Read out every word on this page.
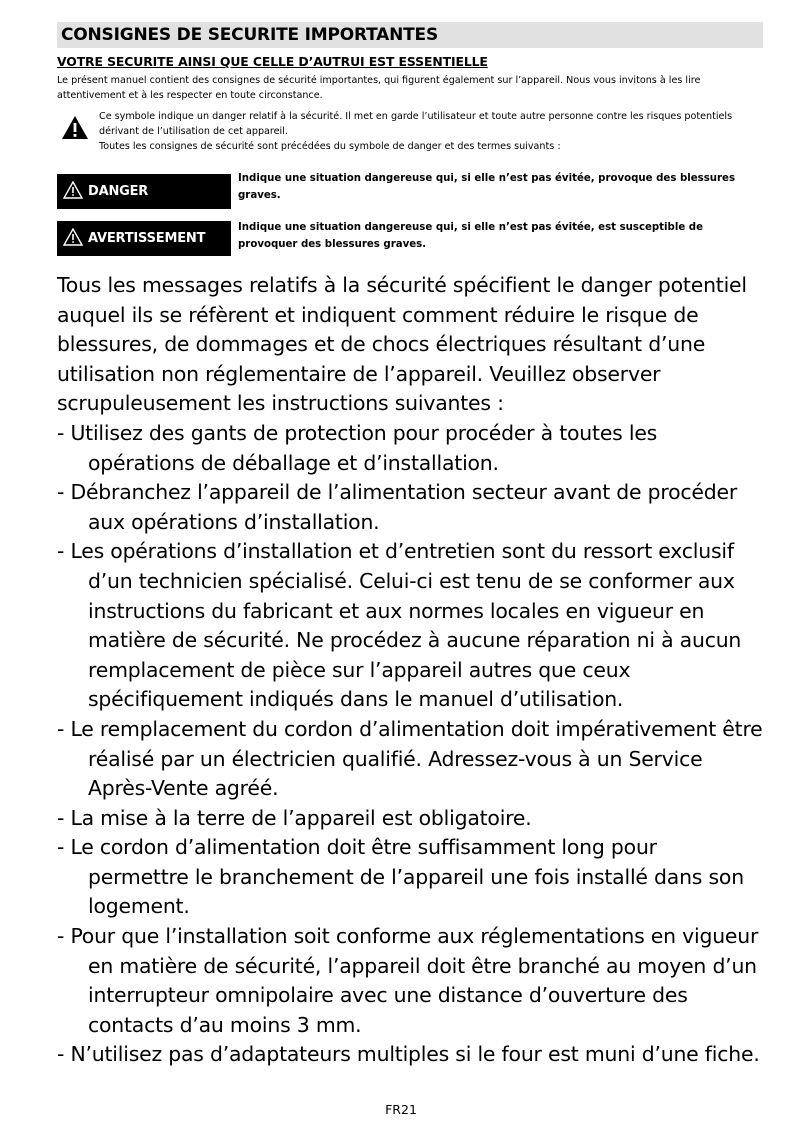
CONSIGNES DE SECURITE IMPORTANTES
VOTRE SECURITE AINSI QUE CELLE D’AUTRUI EST ESSENTIELLE
Le présent manuel contient des consignes de sécurité importantes, qui figurent également sur l’appareil. Nous vous invitons à les lire attentivement et à les respecter en toute circonstance.
Ce symbole indique un danger relatif à la sécurité. Il met en garde l’utilisateur et toute autre personne contre les risques potentiels dérivant de l’utilisation de cet appareil.
Toutes les consignes de sécurité sont précédées du symbole de danger et des termes suivants :
DANGER
Indique une situation dangereuse qui, si elle n’est pas évitée, provoque des blessures graves.
AVERTISSEMENT
Indique une situation dangereuse qui, si elle n’est pas évitée, est susceptible de provoquer des blessures graves.

Tous les messages relatifs à la sécurité spécifient le danger potentiel auquel ils se réfèrent et indiquent comment réduire le risque de blessures, de dommages et de chocs électriques résultant d’une utilisation non réglementaire de l’appareil. Veuillez observer scrupuleusement les instructions suivantes :

- Utilisez des gants de protection pour procéder à toutes les opérations de déballage et d’installation.

- Débranchez l’appareil de l’alimentation secteur avant de procéder aux opérations d’installation.

- Les opérations d’installation et d’entretien sont du ressort exclusif d’un technicien spécialisé. Celui-ci est tenu de se conformer aux instructions du fabricant et aux normes locales en vigueur en matière de sécurité. Ne procédez à aucune réparation ni à aucun remplacement de pièce sur l’appareil autres que ceux spécifiquement indiqués dans le manuel d’utilisation.

- Le remplacement du cordon d’alimentation doit impérativement être réalisé par un électricien qualifié. Adressez-vous à un Service Après-Vente agréé.

- La mise à la terre de l’appareil est obligatoire.

- Le cordon d’alimentation doit être suffisamment long pour permettre le branchement de l’appareil une fois installé dans son logement.

- Pour que l’installation soit conforme aux réglementations en vigueur en matière de sécurité, l’appareil doit être branché au moyen d’un interrupteur omnipolaire avec une distance d’ouverture des contacts d’au moins 3 mm.

- N’utilisez pas d’adaptateurs multiples si le four est muni d’une fiche.

FR21
